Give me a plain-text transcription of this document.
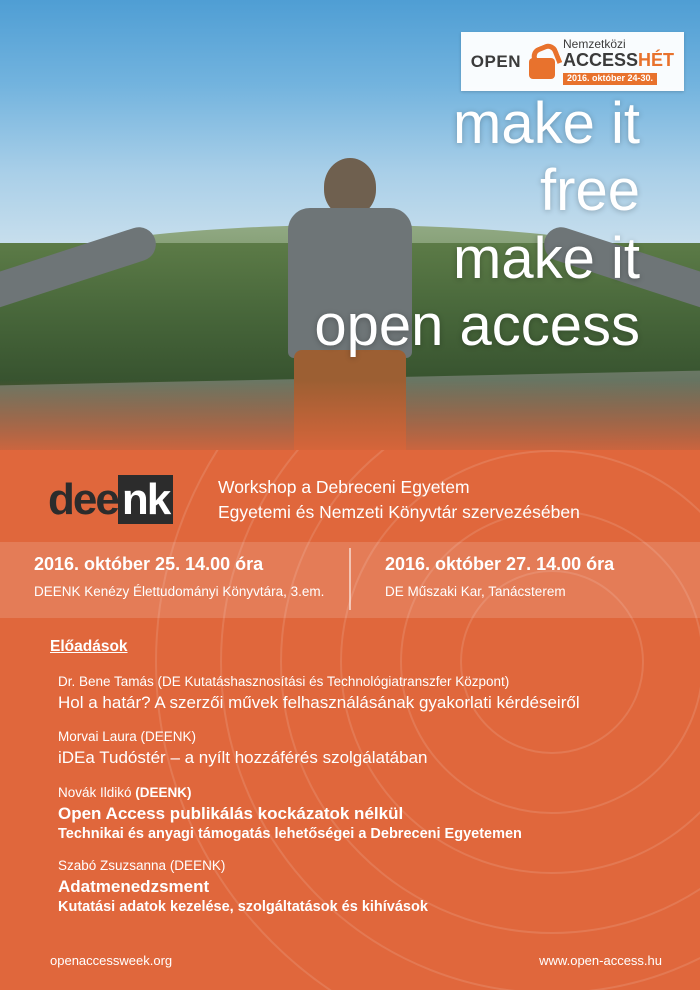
make it
free
make it
open access
OPEN
Nemzetközi
ACCESSHÉT
2016. október 24-30.
deenk	Workshop a Debreceni Egyetem
Egyetemi és Nemzeti Könyvtár szervezésében
2016. október 25. 14.00 óra
DEENK Kenézy Élettudományi Könyvtára, 3.em.
2016. október 27. 14.00 óra
DE Műszaki Kar, Tanácsterem
Előadások
Dr. Bene Tamás (DE Kutatáshasznosítási és Technológiatranszfer Központ)
Hol a határ? A szerzői művek felhasználásának gyakorlati kérdéseiről
Morvai Laura (DEENK)
iDEa Tudóstér – a nyílt hozzáférés szolgálatában
Novák Ildikó (DEENK)
Open Access publikálás kockázatok nélkül
Technikai és anyagi támogatás lehetőségei a Debreceni Egyetemen
Szabó Zsuzsanna (DEENK)
Adatmenedzsment
Kutatási adatok kezelése, szolgáltatások és kihívások
openaccessweek.org	www.open-access.hu
